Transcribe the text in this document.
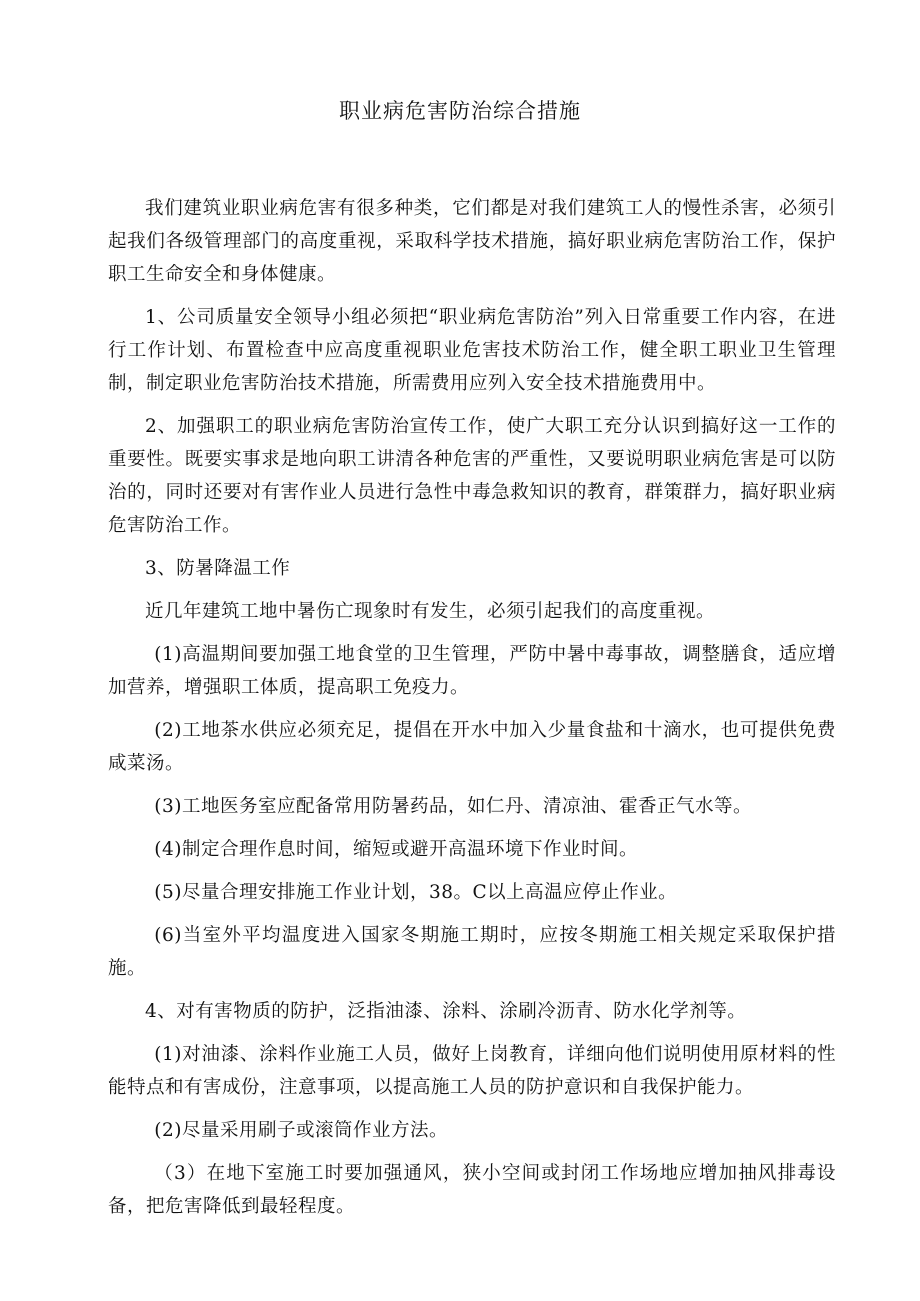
职业病危害防治综合措施

我们建筑业职业病危害有很多种类，它们都是对我们建筑工人的慢性杀害，必须引起我们各级管理部门的高度重视，采取科学技术措施，搞好职业病危害防治工作，保护职工生命安全和身体健康。

1、公司质量安全领导小组必须把“职业病危害防治”列入日常重要工作内容，在进行工作计划、布置检查中应高度重视职业危害技术防治工作，健全职工职业卫生管理制，制定职业危害防治技术措施，所需费用应列入安全技术措施费用中。

2、加强职工的职业病危害防治宣传工作，使广大职工充分认识到搞好这一工作的重要性。既要实事求是地向职工讲清各种危害的严重性，又要说明职业病危害是可以防治的，同时还要对有害作业人员进行急性中毒急救知识的教育，群策群力，搞好职业病危害防治工作。

3、防暑降温工作

近几年建筑工地中暑伤亡现象时有发生，必须引起我们的高度重视。

(1)高温期间要加强工地食堂的卫生管理，严防中暑中毒事故，调整膳食，适应增加营养，增强职工体质，提高职工免疫力。

(2)工地茶水供应必须充足，提倡在开水中加入少量食盐和十滴水，也可提供免费咸菜汤。

(3)工地医务室应配备常用防暑药品，如仁丹、清凉油、霍香正气水等。

(4)制定合理作息时间，缩短或避开高温环境下作业时间。

(5)尽量合理安排施工作业计划，38。C以上高温应停止作业。

(6)当室外平均温度进入国家冬期施工期时，应按冬期施工相关规定采取保护措施。

4、对有害物质的防护，泛指油漆、涂料、涂刷冷沥青、防水化学剂等。

(1)对油漆、涂料作业施工人员，做好上岗教育，详细向他们说明使用原材料的性能特点和有害成份，注意事项，以提高施工人员的防护意识和自我保护能力。

(2)尽量采用刷子或滚筒作业方法。

（3）在地下室施工时要加强通风，狭小空间或封闭工作场地应增加抽风排毒设备，把危害降低到最轻程度。
